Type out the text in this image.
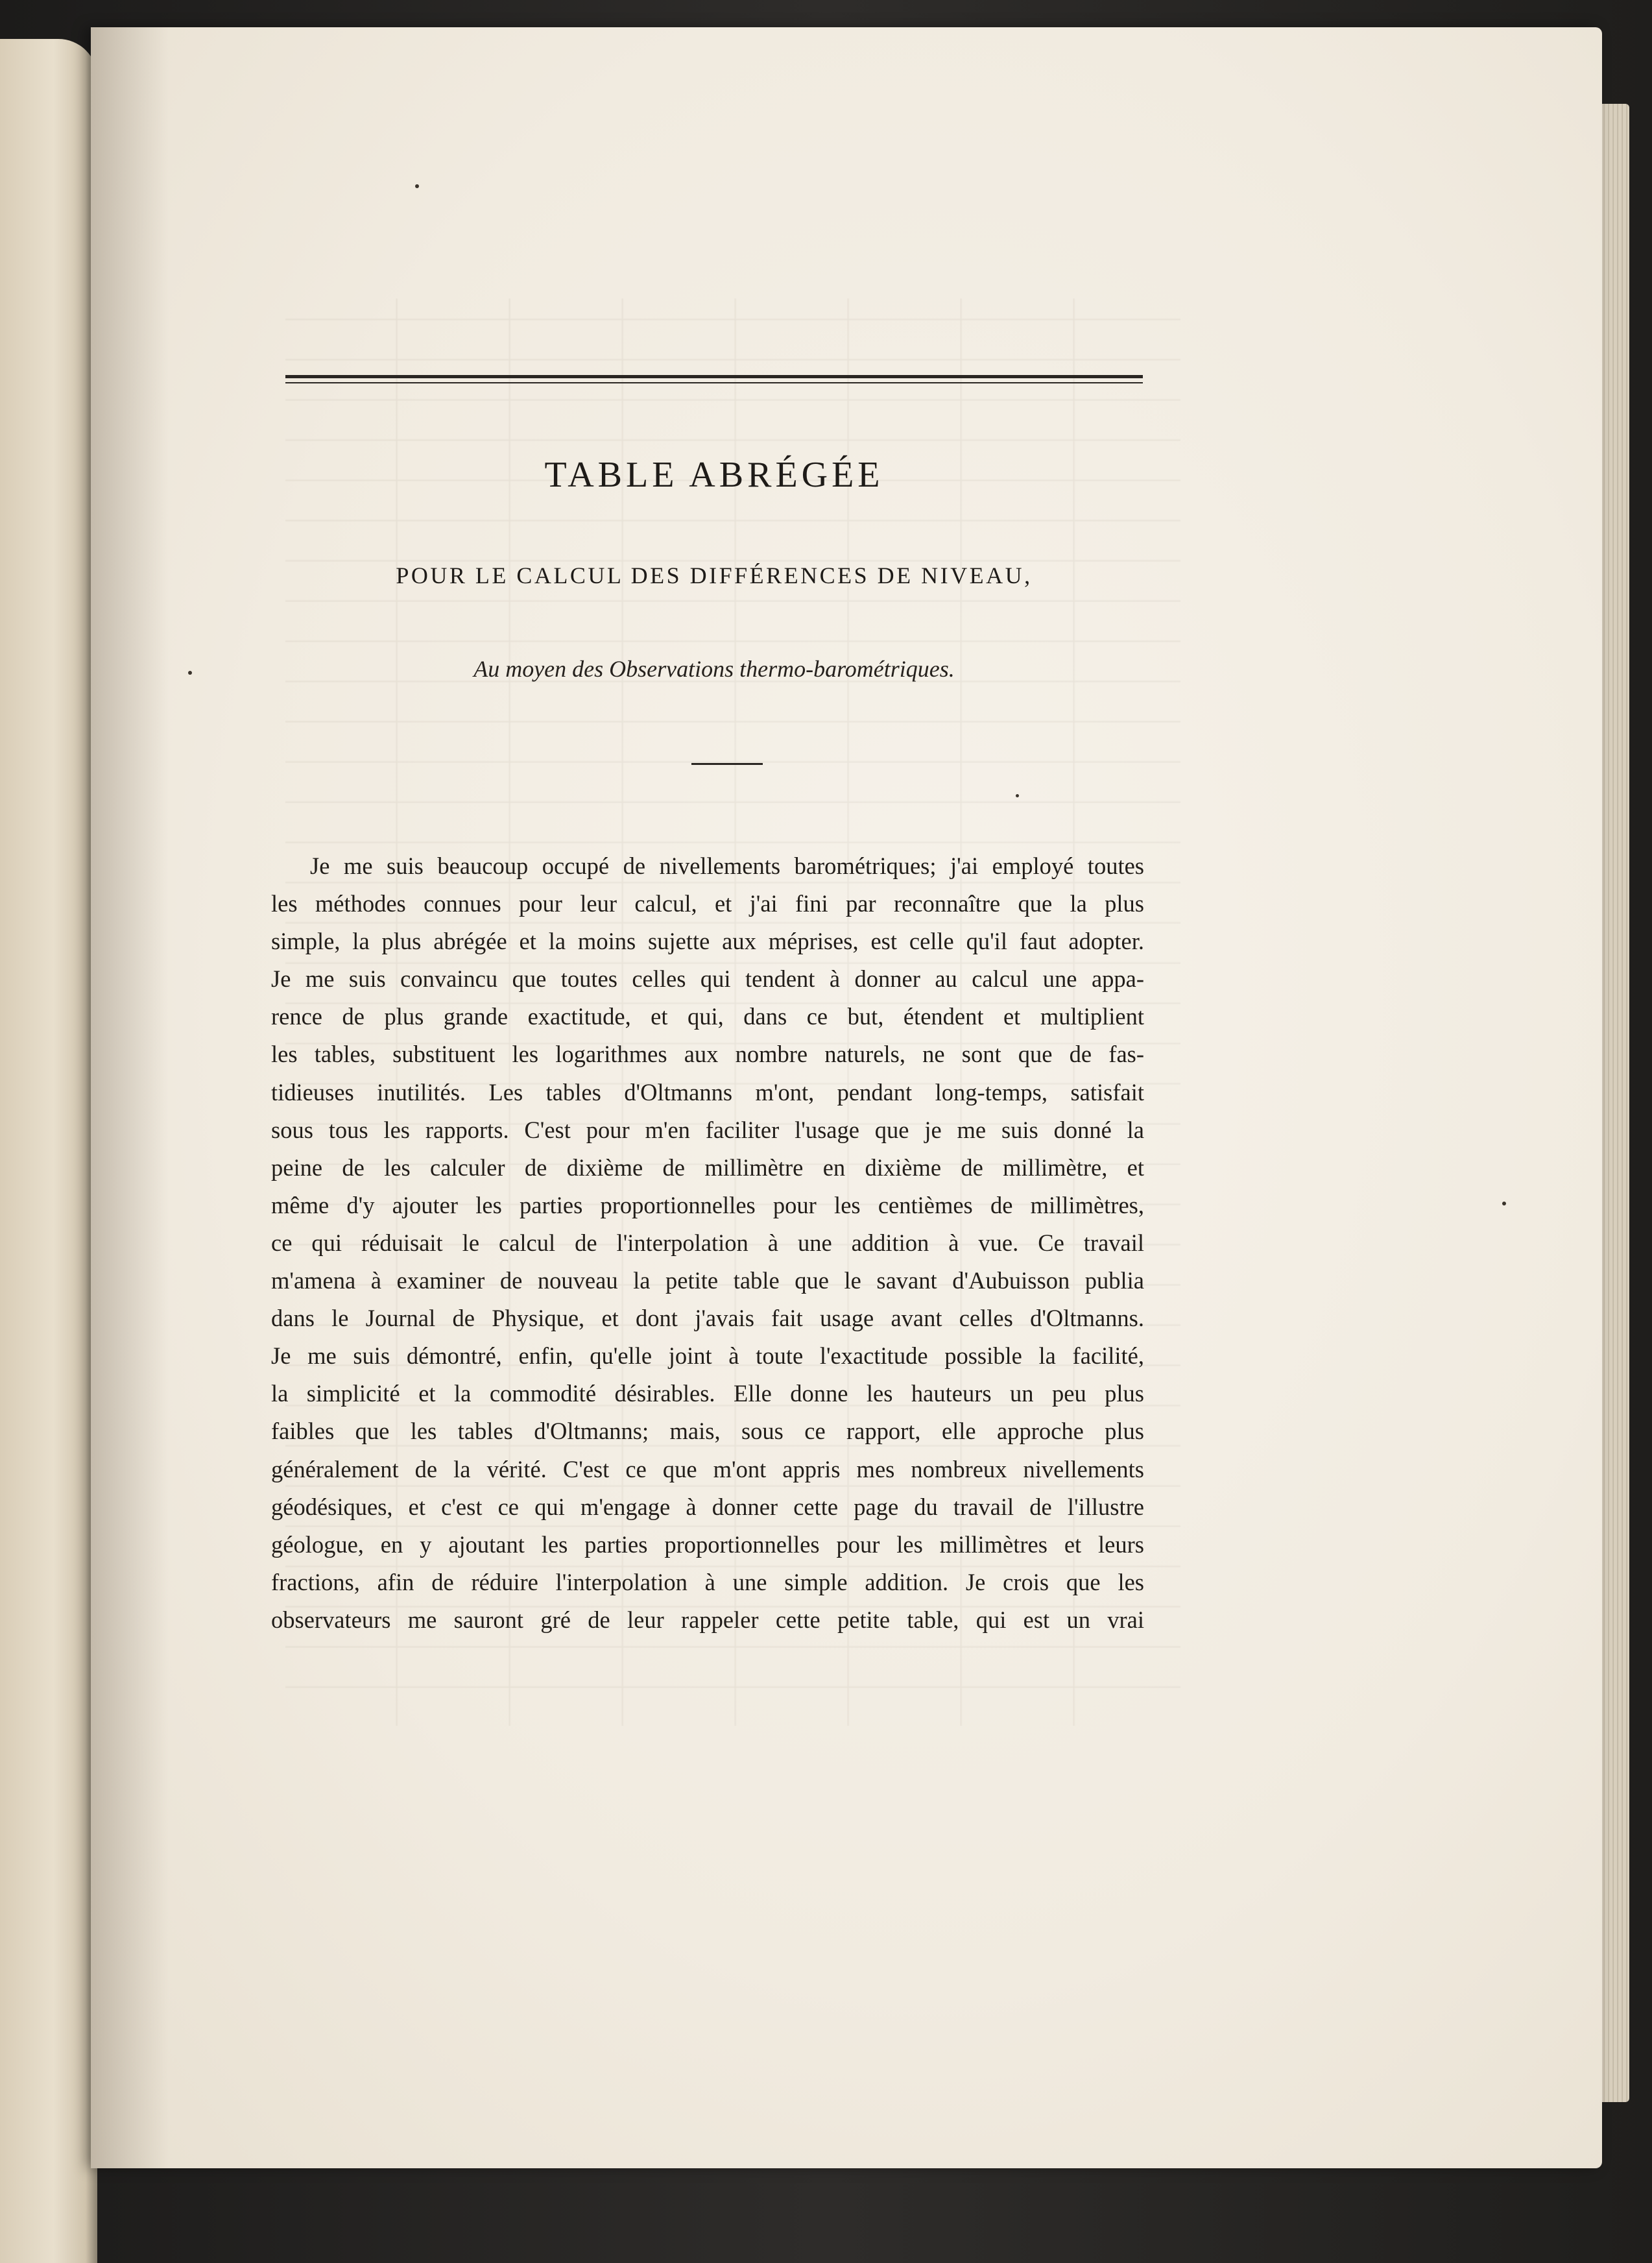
TABLE ABRÉGÉE
POUR LE CALCUL DES DIFFÉRENCES DE NIVEAU,
Au moyen des Observations thermo-barométriques.
Je me suis beaucoup occupé de nivellements barométriques; j'ai employé toutes
les méthodes connues pour leur calcul, et j'ai fini par reconnaître que la plus
simple, la plus abrégée et la moins sujette aux méprises, est celle qu'il faut adopter.
Je me suis convaincu que toutes celles qui tendent à donner au calcul une appa-
rence de plus grande exactitude, et qui, dans ce but, étendent et multiplient
les tables, substituent les logarithmes aux nombre naturels, ne sont que de fas-
tidieuses inutilités. Les tables d'Oltmanns m'ont, pendant long-temps, satisfait
sous tous les rapports. C'est pour m'en faciliter l'usage que je me suis donné la
peine de les calculer de dixième de millimètre en dixième de millimètre, et
même d'y ajouter les parties proportionnelles pour les centièmes de millimètres,
ce qui réduisait le calcul de l'interpolation à une addition à vue. Ce travail
m'amena à examiner de nouveau la petite table que le savant d'Aubuisson publia
dans le Journal de Physique, et dont j'avais fait usage avant celles d'Oltmanns.
Je me suis démontré, enfin, qu'elle joint à toute l'exactitude possible la facilité,
la simplicité et la commodité désirables. Elle donne les hauteurs un peu plus
faibles que les tables d'Oltmanns; mais, sous ce rapport, elle approche plus
généralement de la vérité. C'est ce que m'ont appris mes nombreux nivellements
géodésiques, et c'est ce qui m'engage à donner cette page du travail de l'illustre
géologue, en y ajoutant les parties proportionnelles pour les millimètres et leurs
fractions, afin de réduire l'interpolation à une simple addition. Je crois que les
observateurs me sauront gré de leur rappeler cette petite table, qui est un vrai
